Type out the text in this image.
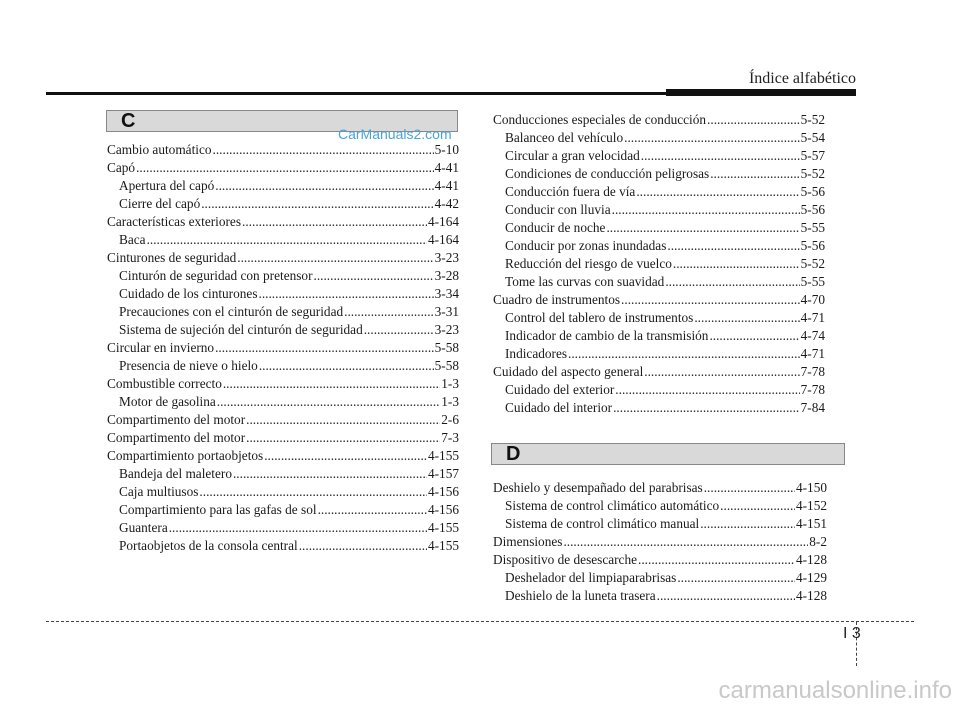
Índice alfabético
C
CarManuals2.com
Cambio automático .....	5-10
Capó .....	4-41
Apertura del capó .....	4-41
Cierre del capó .....	4-42
Características exteriores .....	4-164
Baca .....	4-164
Cinturones de seguridad .....	3-23
Cinturón de seguridad con pretensor .....	3-28
Cuidado de los cinturones .....	3-34
Precauciones con el cinturón de seguridad .....	3-31
Sistema de sujeción del cinturón de seguridad .....	3-23
Circular en invierno .....	5-58
Presencia de nieve o hielo .....	5-58
Combustible correcto .....	1-3
Motor de gasolina .....	1-3
Compartimento del motor .....	2-6
Compartimento del motor .....	7-3
Compartimiento portaobjetos .....	4-155
Bandeja del maletero .....	4-157
Caja multiusos .....	4-156
Compartimiento para las gafas de sol .....	4-156
Guantera .....	4-155
Portaobjetos de la consola central .....	4-155
Conducciones especiales de conducción .....	5-52
Balanceo del vehículo .....	5-54
Circular a gran velocidad .....	5-57
Condiciones de conducción peligrosas .....	5-52
Conducción fuera de vía .....	5-56
Conducir con lluvia .....	5-56
Conducir de noche .....	5-55
Conducir por zonas inundadas .....	5-56
Reducción del riesgo de vuelco .....	5-52
Tome las curvas con suavidad .....	5-55
Cuadro de instrumentos .....	4-70
Control del tablero de instrumentos .....	4-71
Indicador de cambio de la transmisión .....	4-74
Indicadores .....	4-71
Cuidado del aspecto general .....	7-78
Cuidado del exterior .....	7-78
Cuidado del interior .....	7-84
D
Deshielo y desempañado del parabrisas .....	4-150
Sistema de control climático automático .....	4-152
Sistema de control climático manual .....	4-151
Dimensiones .....	8-2
Dispositivo de desescarche .....	4-128
Deshelador del limpiaparabrisas .....	4-129
Deshielo de la luneta trasera .....	4-128
I 3
carmanualsonline.info
